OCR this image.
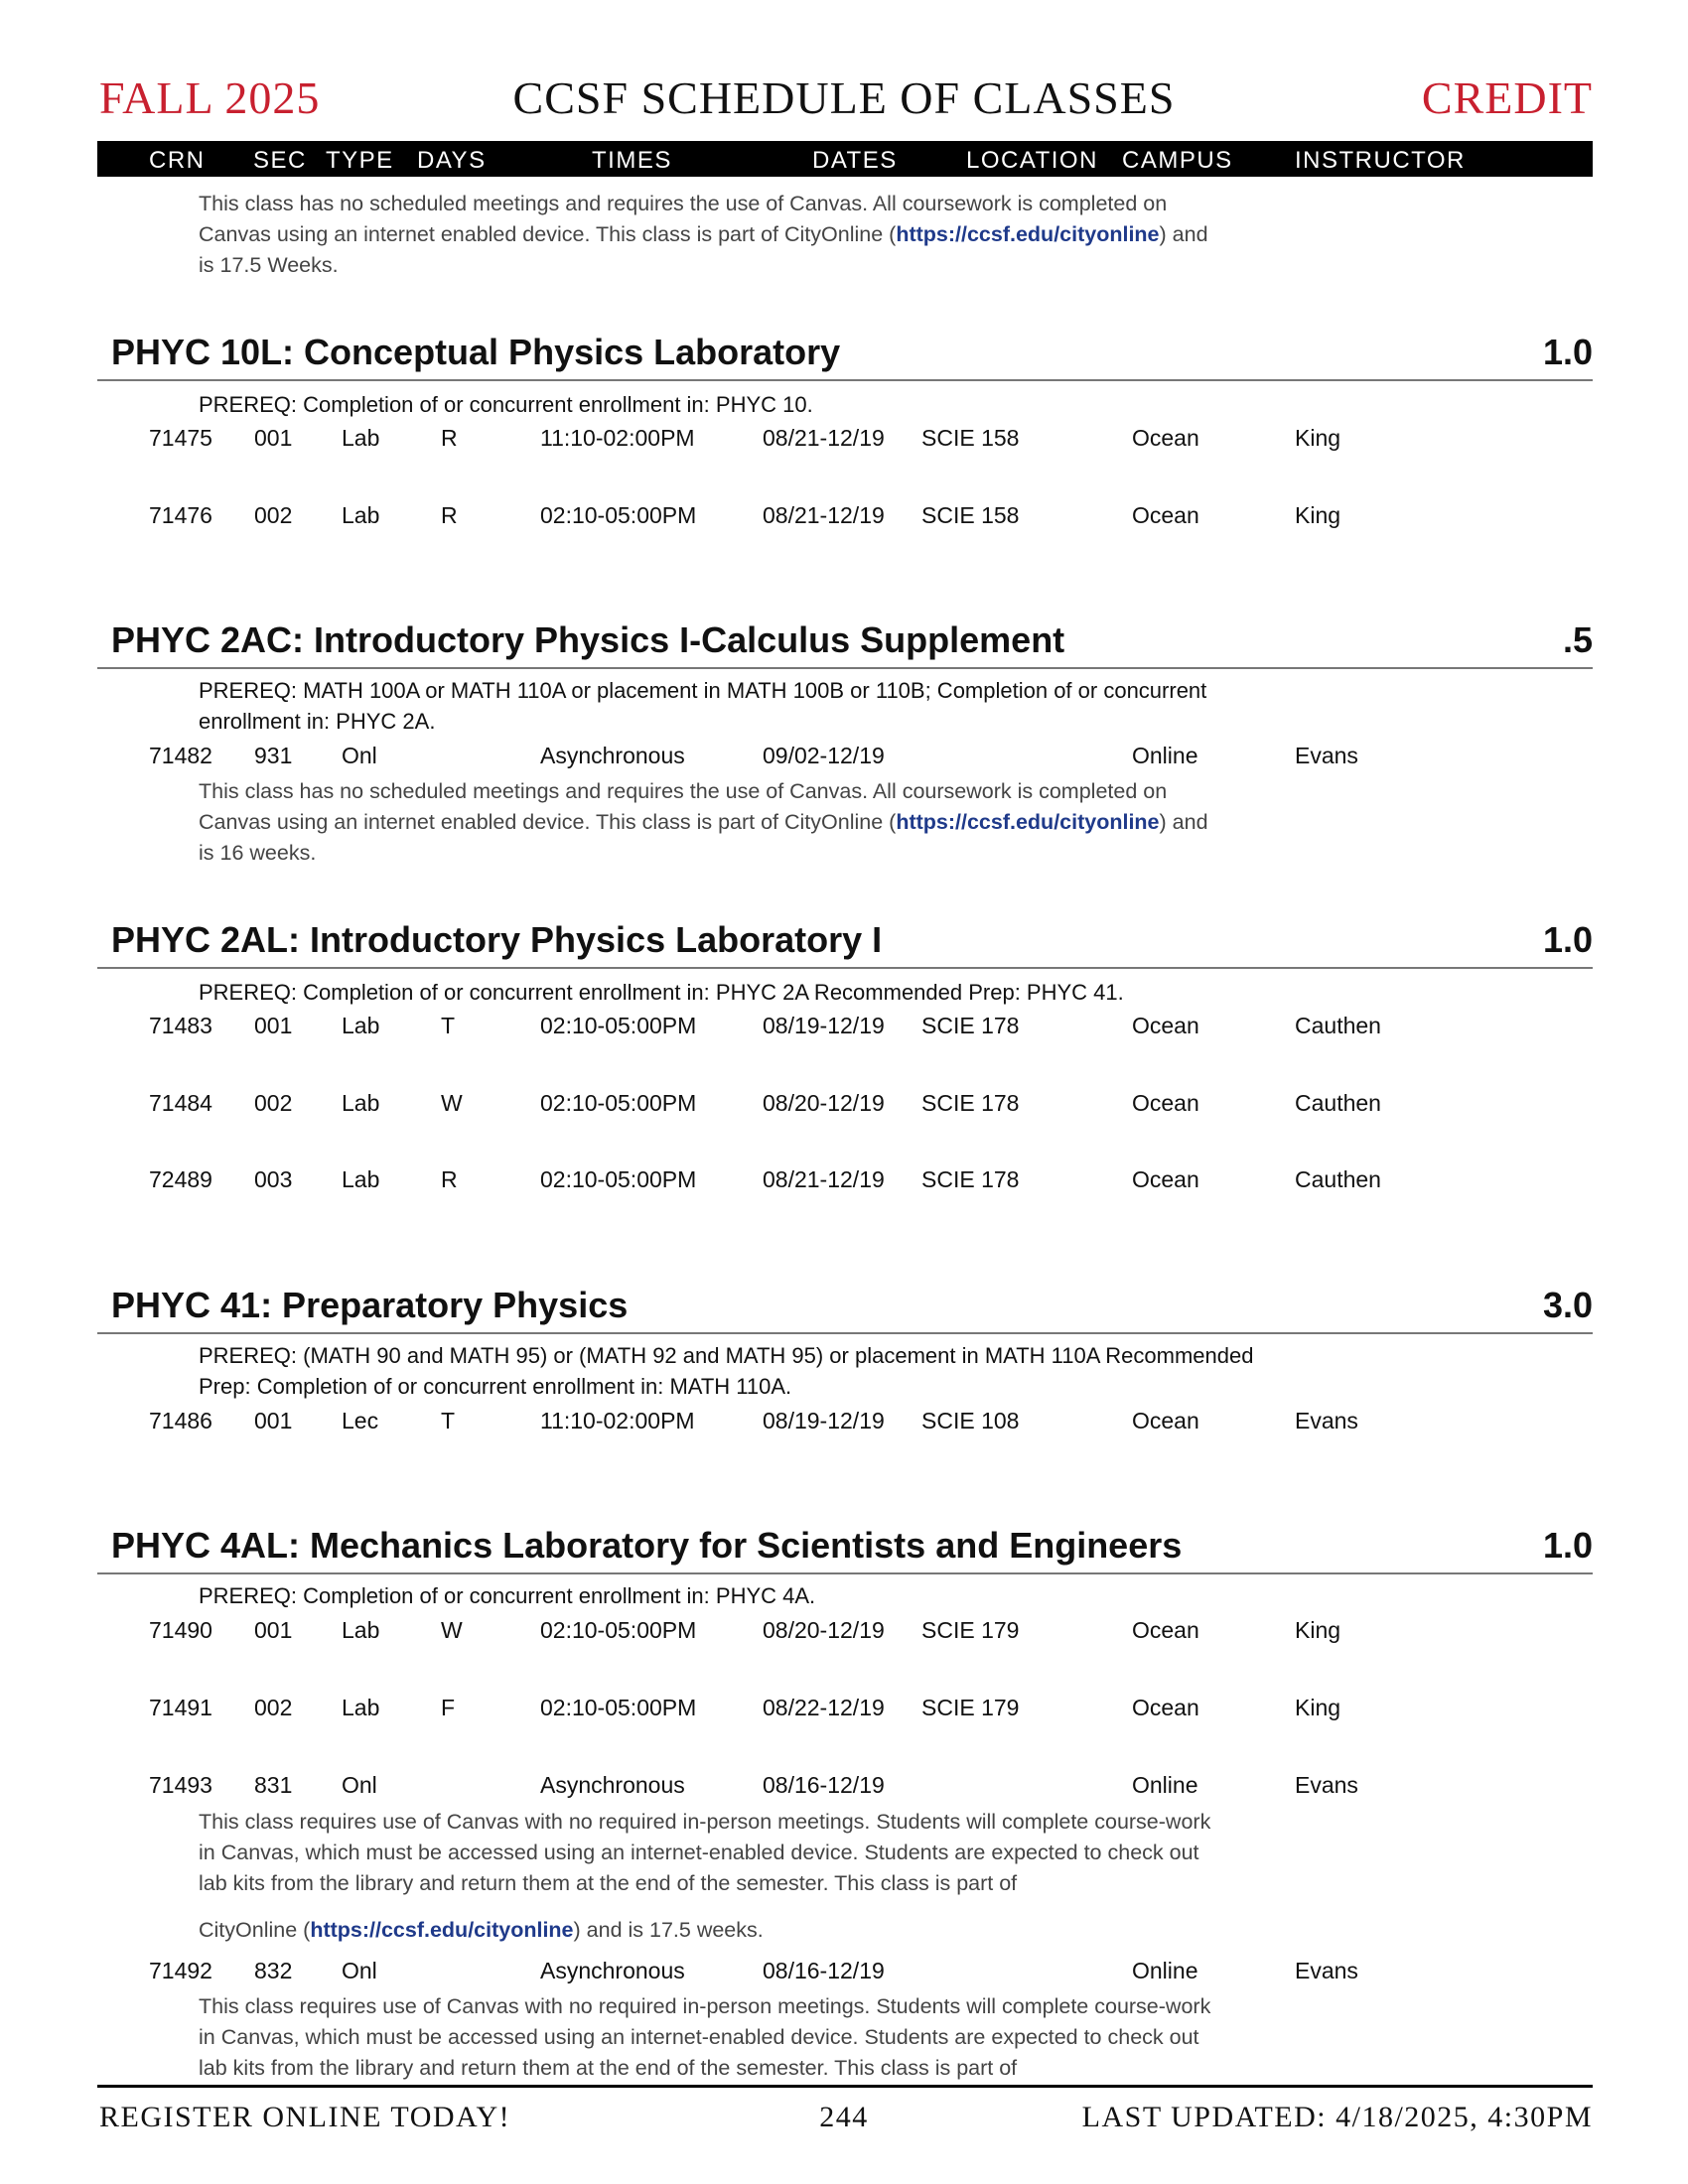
FALL 2025	CCSF SCHEDULE OF CLASSES	CREDIT
CRN SEC TYPE DAYS	TIMES	DATES	LOCATION CAMPUS	INSTRUCTOR
This class has no scheduled meetings and requires the use of Canvas. All coursework is completed on
Canvas using an internet enabled device. This class is part of CityOnline (https://ccsf.edu/cityonline) and
is 17.5 Weeks.
PHYC 10L: Conceptual Physics Laboratory	1.0
PREREQ: Completion of or concurrent enrollment in: PHYC 10.
71475 001 Lab	R	11:10-02:00PM	08/21-12/19 SCIE 158	Ocean	King
71476 002 Lab	R	02:10-05:00PM	08/21-12/19 SCIE 158	Ocean	King
PHYC 2AC: Introductory Physics I-Calculus Supplement	.5
PREREQ: MATH 100A or MATH 110A or placement in MATH 100B or 110B; Completion of or concurrent
enrollment in: PHYC 2A.
71482 931 Onl	Asynchronous	09/02-12/19	Online	Evans
This class has no scheduled meetings and requires the use of Canvas. All coursework is completed on
Canvas using an internet enabled device. This class is part of CityOnline (https://ccsf.edu/cityonline) and
is 16 weeks.
PHYC 2AL: Introductory Physics Laboratory I	1.0
PREREQ: Completion of or concurrent enrollment in: PHYC 2A Recommended Prep: PHYC 41.
71483 001 Lab	T	02:10-05:00PM	08/19-12/19 SCIE 178	Ocean	Cauthen
71484 002 Lab	W	02:10-05:00PM	08/20-12/19 SCIE 178	Ocean	Cauthen
72489 003 Lab	R	02:10-05:00PM	08/21-12/19 SCIE 178	Ocean	Cauthen
PHYC 41: Preparatory Physics	3.0
PREREQ: (MATH 90 and MATH 95) or (MATH 92 and MATH 95) or placement in MATH 110A Recommended
Prep: Completion of or concurrent enrollment in: MATH 110A.
71486 001 Lec	T	11:10-02:00PM	08/19-12/19 SCIE 108	Ocean	Evans
PHYC 4AL: Mechanics Laboratory for Scientists and Engineers	1.0
PREREQ: Completion of or concurrent enrollment in: PHYC 4A.
71490 001 Lab	W	02:10-05:00PM	08/20-12/19 SCIE 179	Ocean	King
71491 002 Lab	F	02:10-05:00PM	08/22-12/19 SCIE 179	Ocean	King
71493 831 Onl	Asynchronous	08/16-12/19	Online	Evans
This class requires use of Canvas with no required in-person meetings. Students will complete course-work
in Canvas, which must be accessed using an internet-enabled device. Students are expected to check out
lab kits from the library and return them at the end of the semester. This class is part of
CityOnline (https://ccsf.edu/cityonline) and is 17.5 weeks.
71492 832 Onl	Asynchronous	08/16-12/19	Online	Evans
This class requires use of Canvas with no required in-person meetings. Students will complete course-work
in Canvas, which must be accessed using an internet-enabled device. Students are expected to check out
lab kits from the library and return them at the end of the semester. This class is part of
REGISTER ONLINE TODAY!	244	LAST UPDATED: 4/18/2025, 4:30PM
